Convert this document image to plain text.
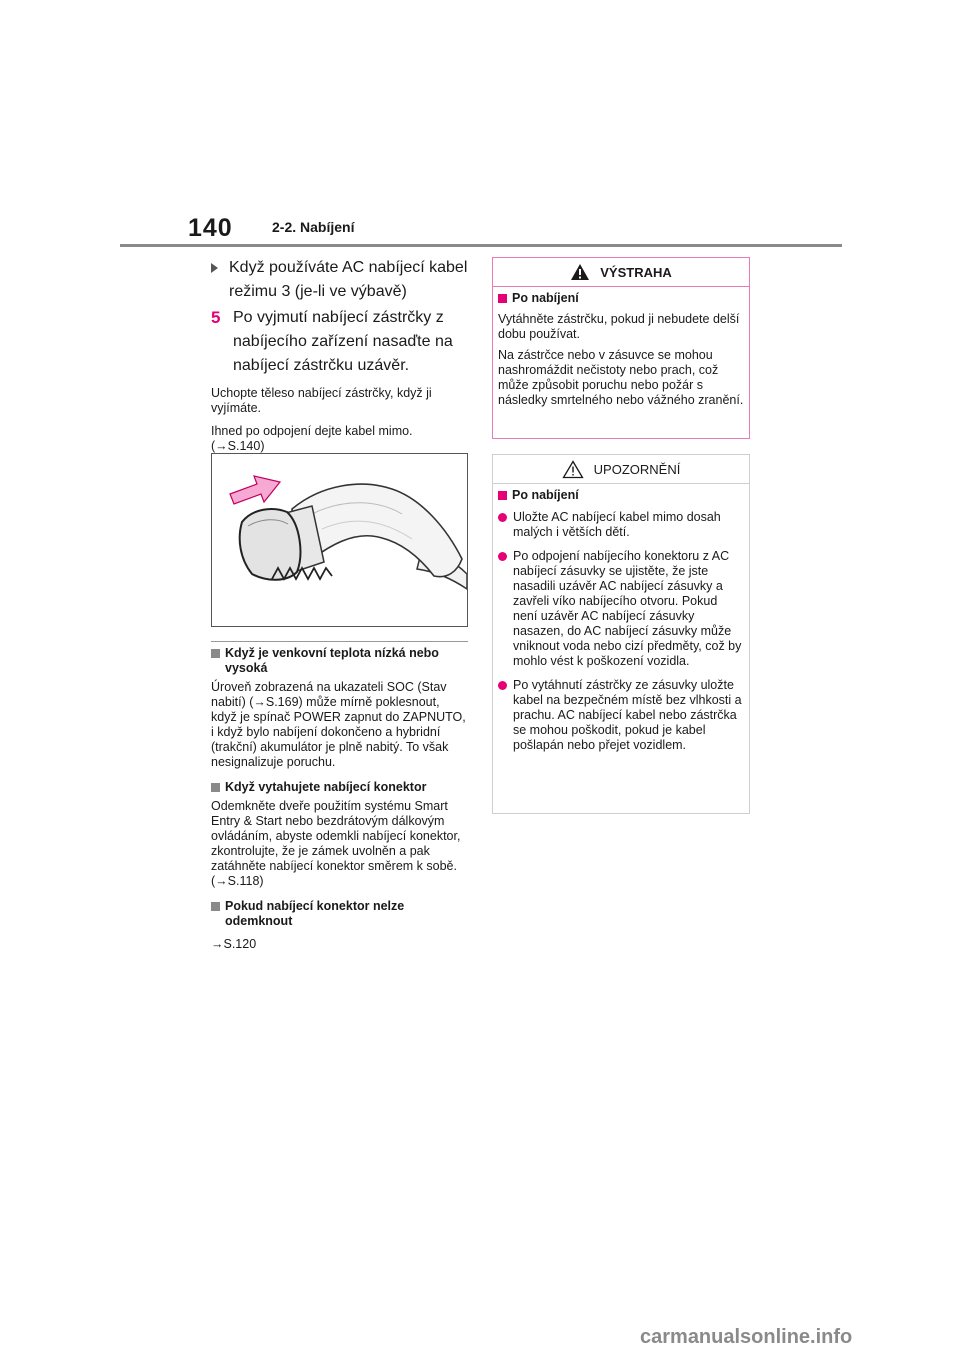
140	2-2. Nabíjení
Když používáte AC nabíjecí kabel režimu 3 (je-li ve výbavě)
5 Po vyjmutí nabíjecí zástrčky z nabíjecího zařízení nasaďte na nabíjecí zástrčku uzávěr.

Uchopte těleso nabíjecí zástrčky, když ji vyjímáte.

Ihned po odpojení dejte kabel mimo. (→S.140)

Když je venkovní teplota nízká nebo vysoká

Úroveň zobrazená na ukazateli SOC (Stav nabití) (→S.169) může mírně poklesnout, když je spínač POWER zapnut do ZAPNUTO, i když bylo nabíjení dokončeno a hybridní (trakční) akumulátor je plně nabitý. To však nesignalizuje poruchu.

Když vytahujete nabíjecí konektor

Odemkněte dveře použitím systému Smart Entry & Start nebo bezdrátovým dálkovým ovládáním, abyste odemkli nabíjecí konektor, zkontrolujte, že je zámek uvolněn a pak zatáhněte nabíjecí konektor směrem k sobě. (→S.118)

Pokud nabíjecí konektor nelze odemknout

→S.120

VÝSTRAHA

Po nabíjení

Vytáhněte zástrčku, pokud ji nebudete delší dobu používat.

Na zástrčce nebo v zásuvce se mohou nashromáždit nečistoty nebo prach, což může způsobit poruchu nebo požár s následky smrtelného nebo vážného zranění.

UPOZORNĚNÍ

Po nabíjení

Uložte AC nabíjecí kabel mimo dosah malých i větších dětí.
Po odpojení nabíjecího konektoru z AC nabíjecí zásuvky se ujistěte, že jste nasadili uzávěr AC nabíjecí zásuvky a zavřeli víko nabíjecího otvoru. Pokud není uzávěr AC nabíjecí zásuvky nasazen, do AC nabíjecí zásuvky může vniknout voda nebo cizí předměty, což by mohlo vést k poškození vozidla.
Po vytáhnutí zástrčky ze zásuvky uložte kabel na bezpečném místě bez vlhkosti a prachu. AC nabíjecí kabel nebo zástrčka se mohou poškodit, pokud je kabel pošlapán nebo přejet vozidlem.
carmanualsonline.info
